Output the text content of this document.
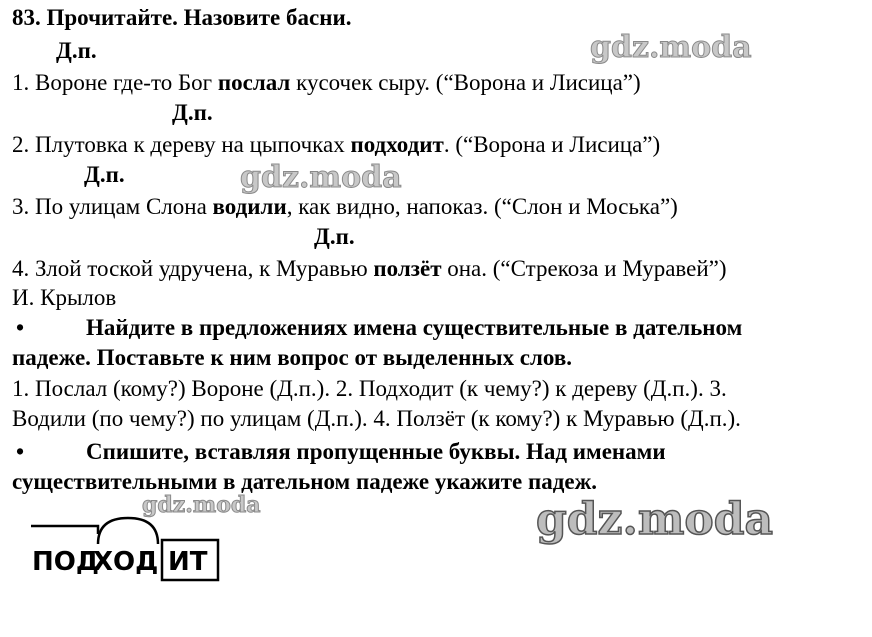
83. Прочитайте. Назовите басни.
Д.п.
Д.п.
Д.п.
Д.п.
1. Вороне где-то Бог послал кусочек сыру. (“Ворона и Лисица”)
2. Плутовка к дереву на цыпочках подходит. (“Ворона и Лисица”)
3. По улицам Слона водили, как видно, напоказ. (“Слон и Моська”)
4. Злой тоской удручена, к Муравью ползёт она. (“Стрекоза и Муравей”)
И. Крылов
•	Найдите в предложениях имена существительные в дательном
падеже. Поставьте к ним вопрос от выделенных слов.
1. Послал (кому?) Вороне (Д.п.). 2. Подходит (к чему?) к дереву (Д.п.). 3.
Водили (по чему?) по улицам (Д.п.). 4. Ползёт (к кому?) к Муравью (Д.п.).
•	Спишите, вставляя пропущенные буквы. Над именами
существительными в дательном падеже укажите падеж.
gdz.moda
gdz.moda
gdz.moda	gdz.moda
ПОД
ХОД ИТ
